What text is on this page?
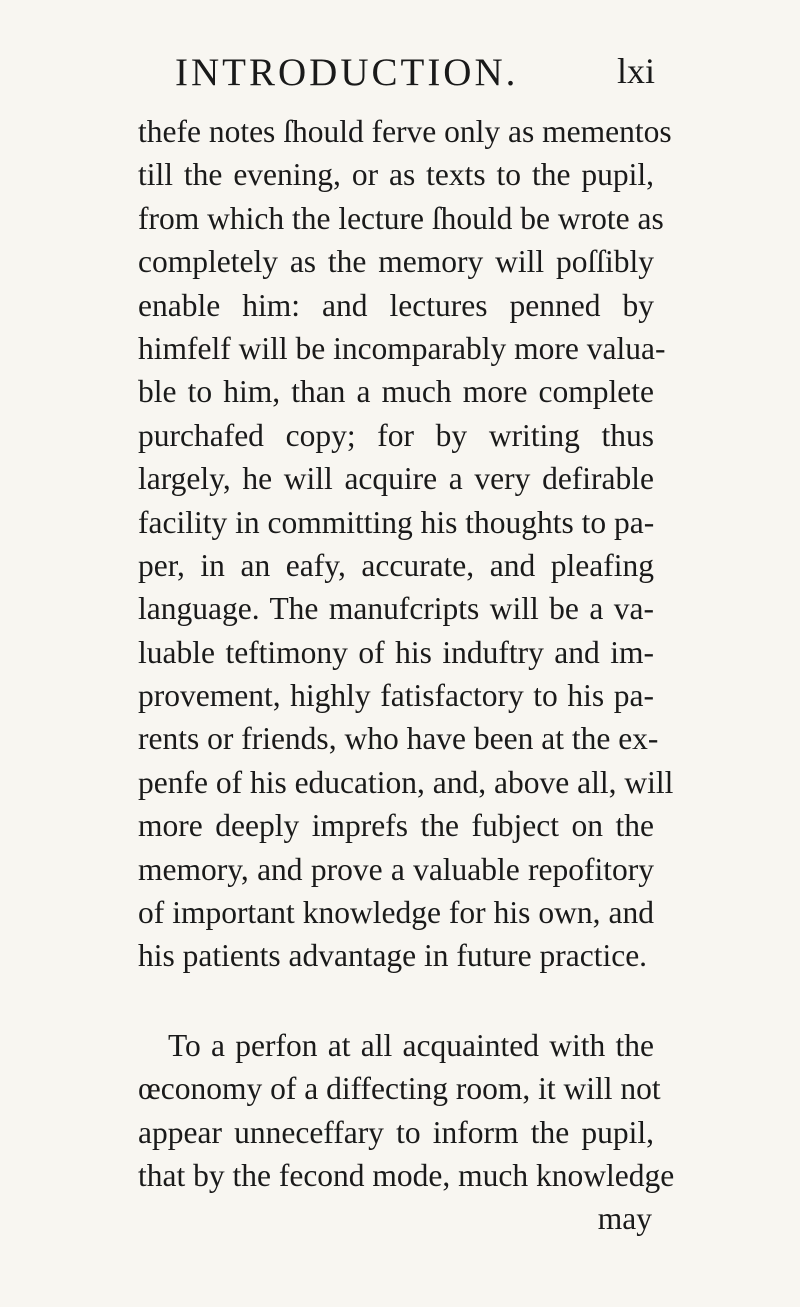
INTRODUCTION.	lxi
thefe notes ſhould ferve only as mementos
till the evening, or as texts to the pupil,
from which the lecture ſhould be wrote as
completely as the memory will poſſibly
enable him: and lectures penned by
himfelf will be incomparably more valua-
ble to him, than a much more complete
purchafed copy; for by writing thus
largely, he will acquire a very defirable
facility in committing his thoughts to pa-
per, in an eafy, accurate, and pleafing
language. The manufcripts will be a va-
luable teftimony of his induftry and im-
provement, highly fatisfactory to his pa-
rents or friends, who have been at the ex-
penfe of his education, and, above all, will
more deeply imprefs the fubject on the
memory, and prove a valuable repofitory
of important knowledge for his own, and
his patients advantage in future practice.
To a perfon at all acquainted with the
œconomy of a diffecting room, it will not
appear unneceffary to inform the pupil,
that by the fecond mode, much knowledge
may
